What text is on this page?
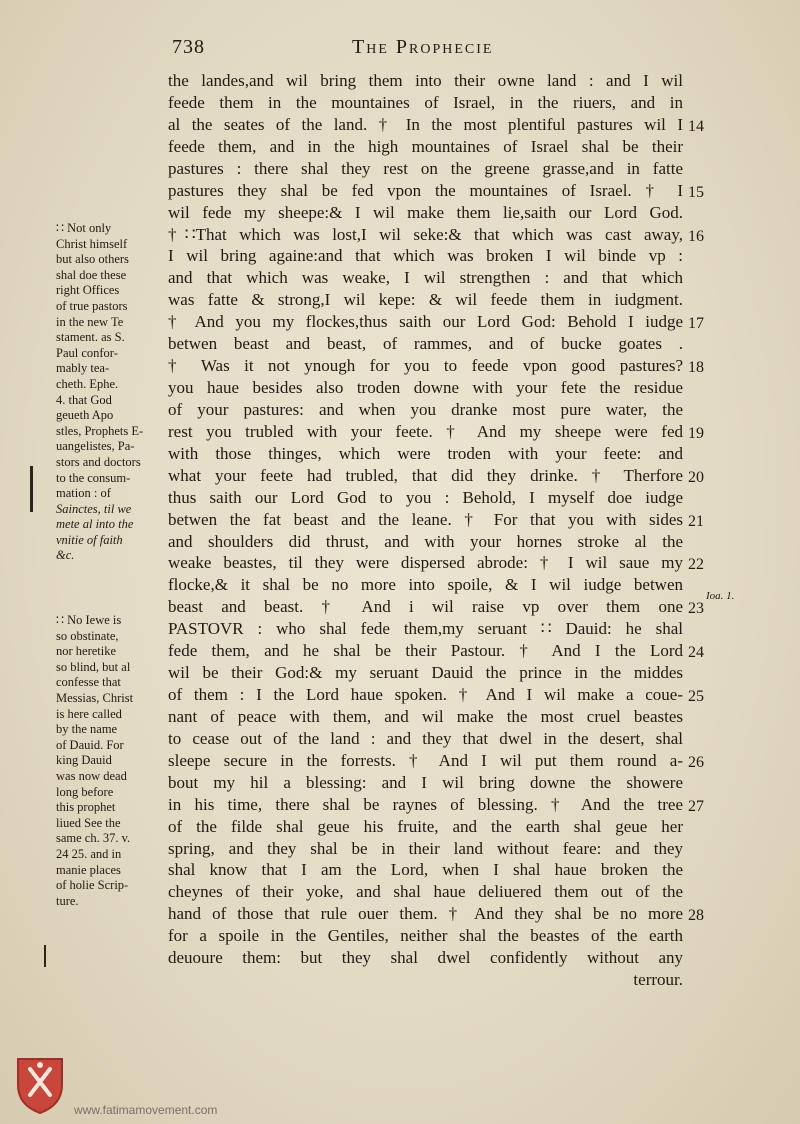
738	The Prophecie
the landes,and wil bring them into their owne land : and I wil
feede them in the mountaines of Israel, in the riuers, and in
al the seates of the land. † In the most plentiful pastures wil I
feede them, and in the high mountaines of Israel shal be their
pastures : there shal they rest on the greene grasse,and in fatte
pastures they shal be fed vpon the mountaines of Israel. † I
wil fede my sheepe:& I wil make them lie,saith our Lord God.
†∷That which was lost,I wil seke:& that which was cast away,
I wil bring againe:and that which was broken I wil binde vp :
and that which was weake, I wil strengthen : and that which
was fatte & strong,I wil kepe: & wil feede them in iudgment.
† And you my flockes,thus saith our Lord God: Behold I iudge
betwen beast and beast, of rammes, and of bucke goates .
† Was it not ynough for you to feede vpon good pastures?
you haue besides also troden downe with your fete the residue
of your pastures: and when you dranke most pure water, the
rest you trubled with your feete. † And my sheepe were fed
with those thinges, which were troden with your feete: and
what your feete had trubled, that did they drinke. † Therfore
thus saith our Lord God to you : Behold, I myself doe iudge
betwen the fat beast and the leane. † For that you with sides
and shoulders did thrust, and with your hornes stroke al the
weake beastes, til they were dispersed abrode: † I wil saue my
flocke,& it shal be no more into spoile, & I wil iudge betwen
beast and beast. † And i wil raise vp over them one
PASTOVR : who shal fede them,my seruant ∷ Dauid: he shal
fede them, and he shal be their Pastour. † And I the Lord
wil be their God:& my seruant Dauid the prince in the middes
of them : I the Lord haue spoken. † And I wil make a coue-
nant of peace with them, and wil make the most cruel beastes
to cease out of the land : and they that dwel in the desert, shal
sleepe secure in the forrests. † And I wil put them round a-
bout my hil a blessing: and I wil bring downe the showere
in his time, there shal be raynes of blessing. † And the tree
of the filde shal geue his fruite, and the earth shal geue her
spring, and they shal be in their land without feare: and they
shal know that I am the Lord, when I shal haue broken the
cheynes of their yoke, and shal haue deliuered them out of the
hand of those that rule ouer them. † And they shal be no more
for a spoile in the Gentiles, neither shal the beastes of the earth
deuoure them: but they shal dwel confidently without any
terrour.
14
15
16
17
18
19
20
21
22
23
24
25
26
27
28
Ioa. 1.
∷ Not only
Christ himself
but also others
shal doe these
right Offices
of true pastors
in the new Te
stament. as S.
Paul confor-
mably tea-
cheth. Ephe.
4. that God
geueth Apo
stles, Prophets E-
uangelistes, Pa-
stors and doctors
to the consum-
mation : of
Sainctes, til we
mete al into the
vnitie of faith
&c.
∷ No Iewe is
so obstinate,
nor heretike
so blind, but al
confesse that
Messias, Christ
is here called
by the name
of Dauid. For
king Dauid
was now dead
long before
this prophet
liued See the
same ch. 37. v.
24 25. and in
manie places
of holie Scrip-
ture.
www.fatimamovement.com
